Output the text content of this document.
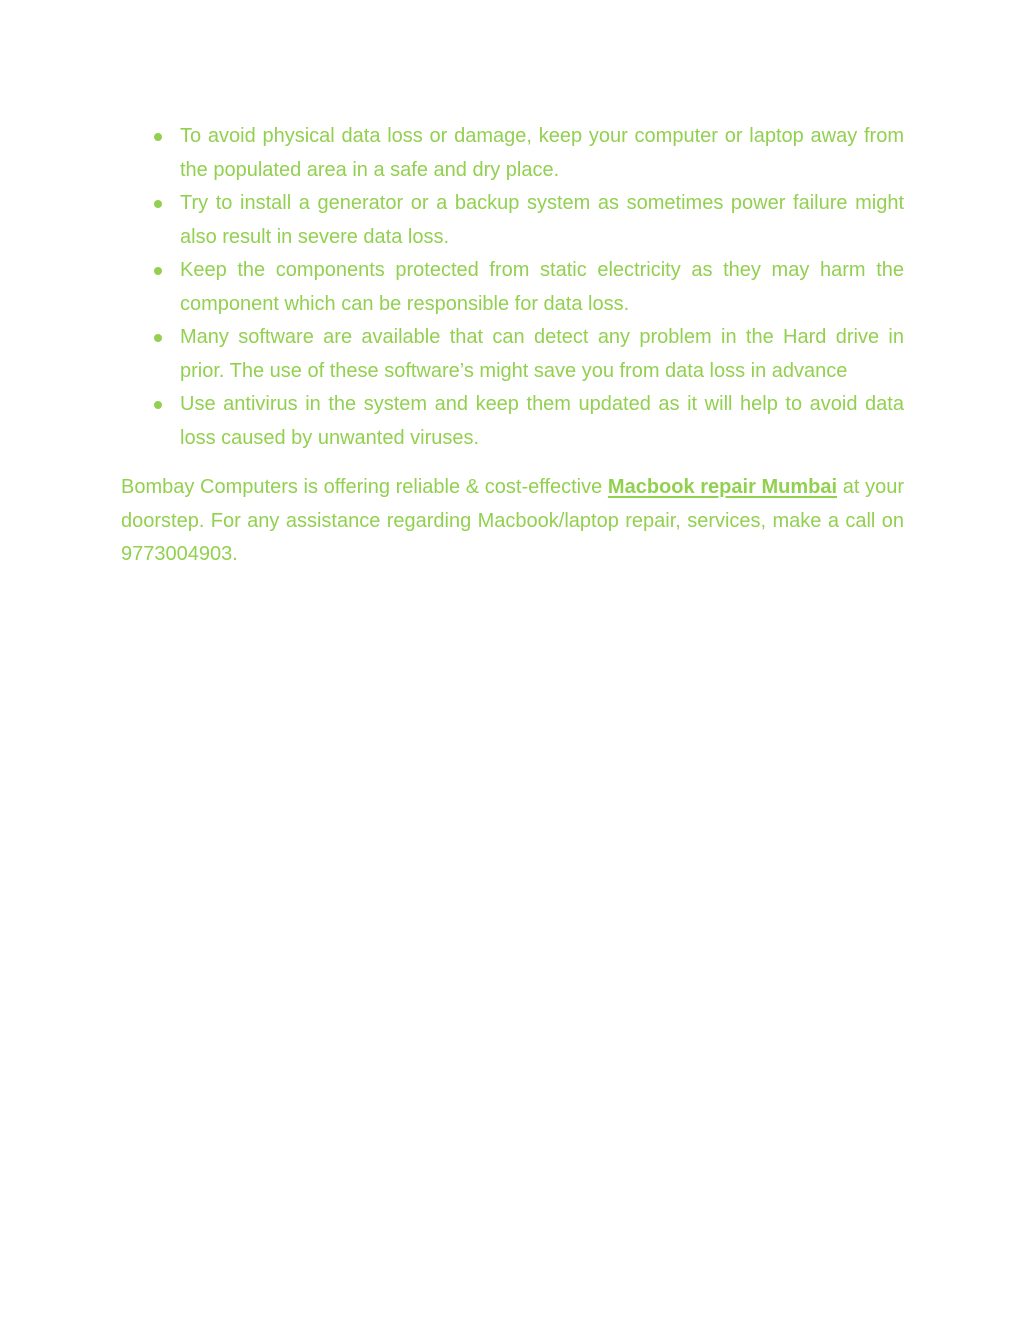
To avoid physical data loss or damage, keep your computer or laptop away from the populated area in a safe and dry place.
Try to install a generator or a backup system as sometimes power failure might also result in severe data loss.
Keep the components protected from static electricity as they may harm the component which can be responsible for data loss.
Many software are available that can detect any problem in the Hard drive in prior. The use of these software’s might save you from data loss in advance
Use antivirus in the system and keep them updated as it will help to avoid data loss caused by unwanted viruses.

Bombay Computers is offering reliable & cost-effective Macbook repair Mumbai at your doorstep. For any assistance regarding Macbook/laptop repair, services, make a call on 9773004903.
